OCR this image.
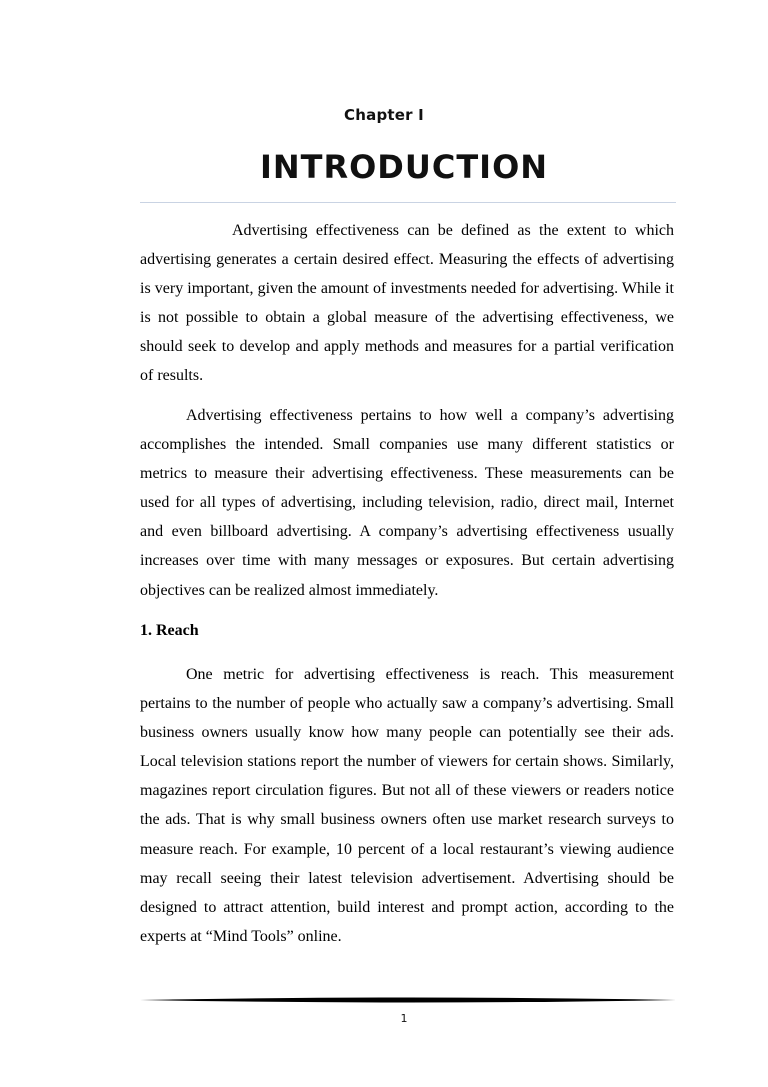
Chapter I
INTRODUCTION

Advertising effectiveness can be defined as the extent to which advertising generates a certain desired effect. Measuring the effects of advertising is very important, given the amount of investments needed for advertising. While it is not possible to obtain a global measure of the advertising effectiveness, we should seek to develop and apply methods and measures for a partial verification of results.

Advertising effectiveness pertains to how well a company’s advertising accomplishes the intended. Small companies use many different statistics or metrics to measure their advertising effectiveness. These measurements can be used for all types of advertising, including television, radio, direct mail, Internet and even billboard advertising. A company’s advertising effectiveness usually increases over time with many messages or exposures. But certain advertising objectives can be realized almost immediately.

1. Reach

One metric for advertising effectiveness is reach. This measurement pertains to the number of people who actually saw a company’s advertising. Small business owners usually know how many people can potentially see their ads. Local television stations report the number of viewers for certain shows. Similarly, magazines report circulation figures. But not all of these viewers or readers notice the ads. That is why small business owners often use market research surveys to measure reach. For example, 10 percent of a local restaurant’s viewing audience may recall seeing their latest television advertisement. Advertising should be designed to attract attention, build interest and prompt action, according to the experts at “Mind Tools” online.

1
